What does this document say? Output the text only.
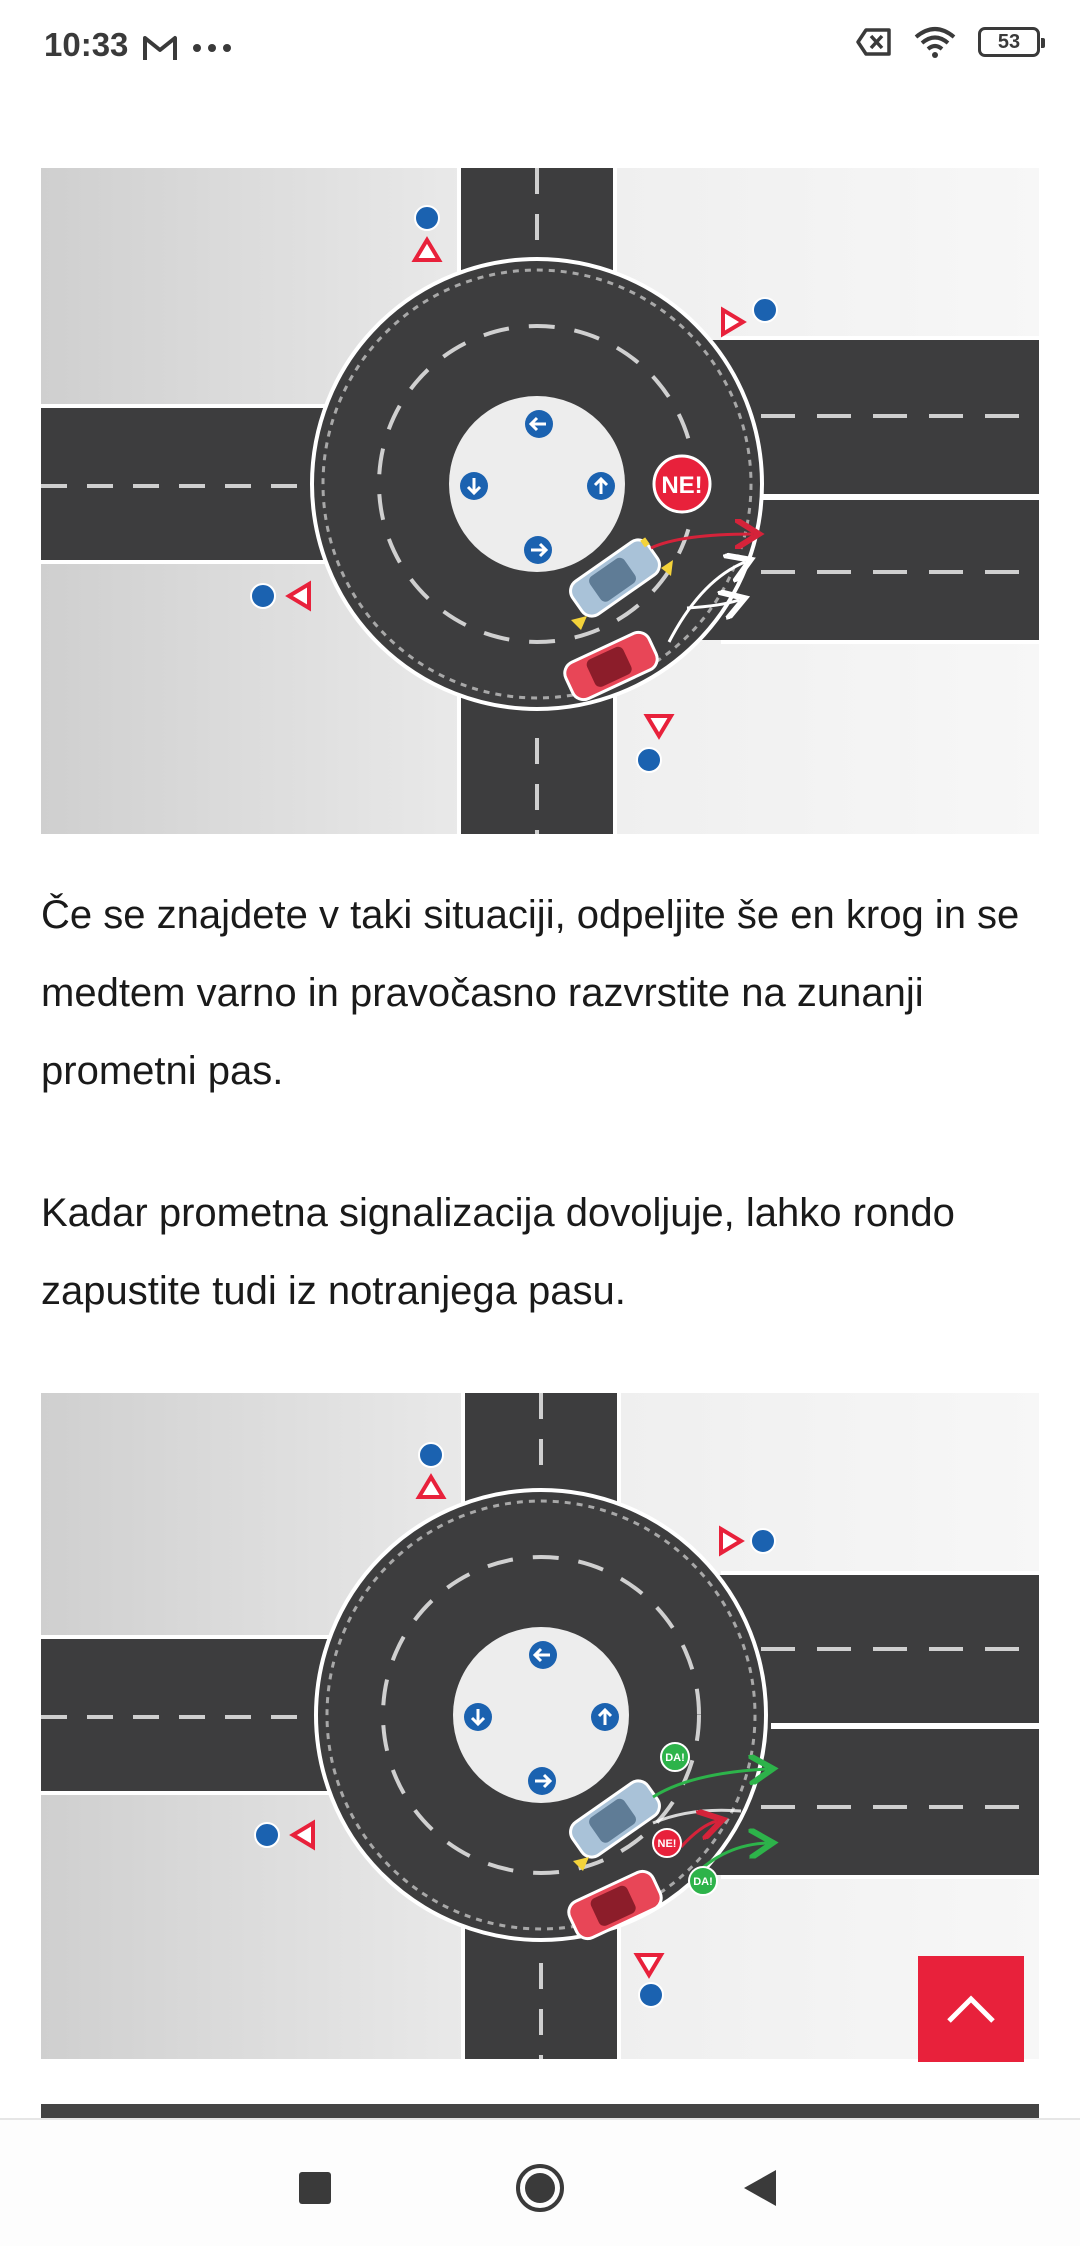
10:33	53
NE!

Če se znajdete v taki situaciji, odpeljite še en krog in se medtem varno in pravočasno razvrstite na zunanji prometni pas.

Kadar prometna signalizacija dovoljuje, lahko rondo zapustite tudi iz notranjega pasu.

DA!
NE!
DA!
